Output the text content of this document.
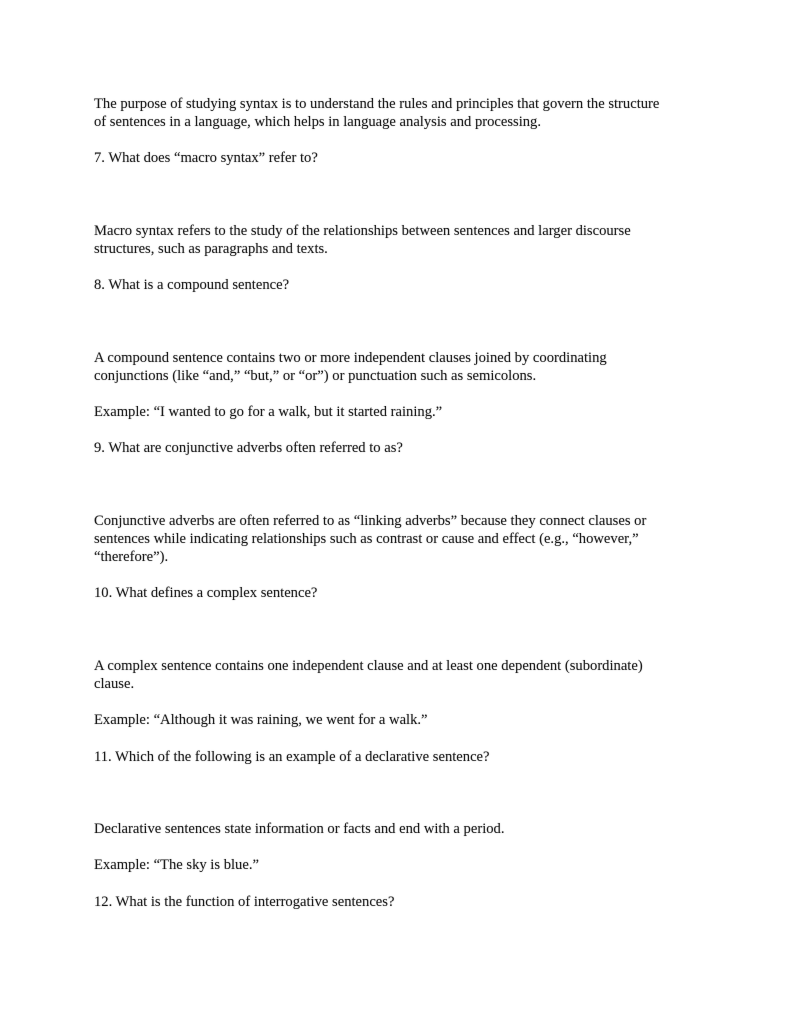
The purpose of studying syntax is to understand the rules and principles that govern the structure

of sentences in a language, which helps in language analysis and processing.

7. What does “macro syntax” refer to?

Macro syntax refers to the study of the relationships between sentences and larger discourse

structures, such as paragraphs and texts.

8. What is a compound sentence?

A compound sentence contains two or more independent clauses joined by coordinating

conjunctions (like “and,” “but,” or “or”) or punctuation such as semicolons.

Example: “I wanted to go for a walk, but it started raining.”

9. What are conjunctive adverbs often referred to as?

Conjunctive adverbs are often referred to as “linking adverbs” because they connect clauses or

sentences while indicating relationships such as contrast or cause and effect (e.g., “however,”

“therefore”).

10. What defines a complex sentence?

A complex sentence contains one independent clause and at least one dependent (subordinate)

clause.

Example: “Although it was raining, we went for a walk.”

11. Which of the following is an example of a declarative sentence?

Declarative sentences state information or facts and end with a period.

Example: “The sky is blue.”

12. What is the function of interrogative sentences?
